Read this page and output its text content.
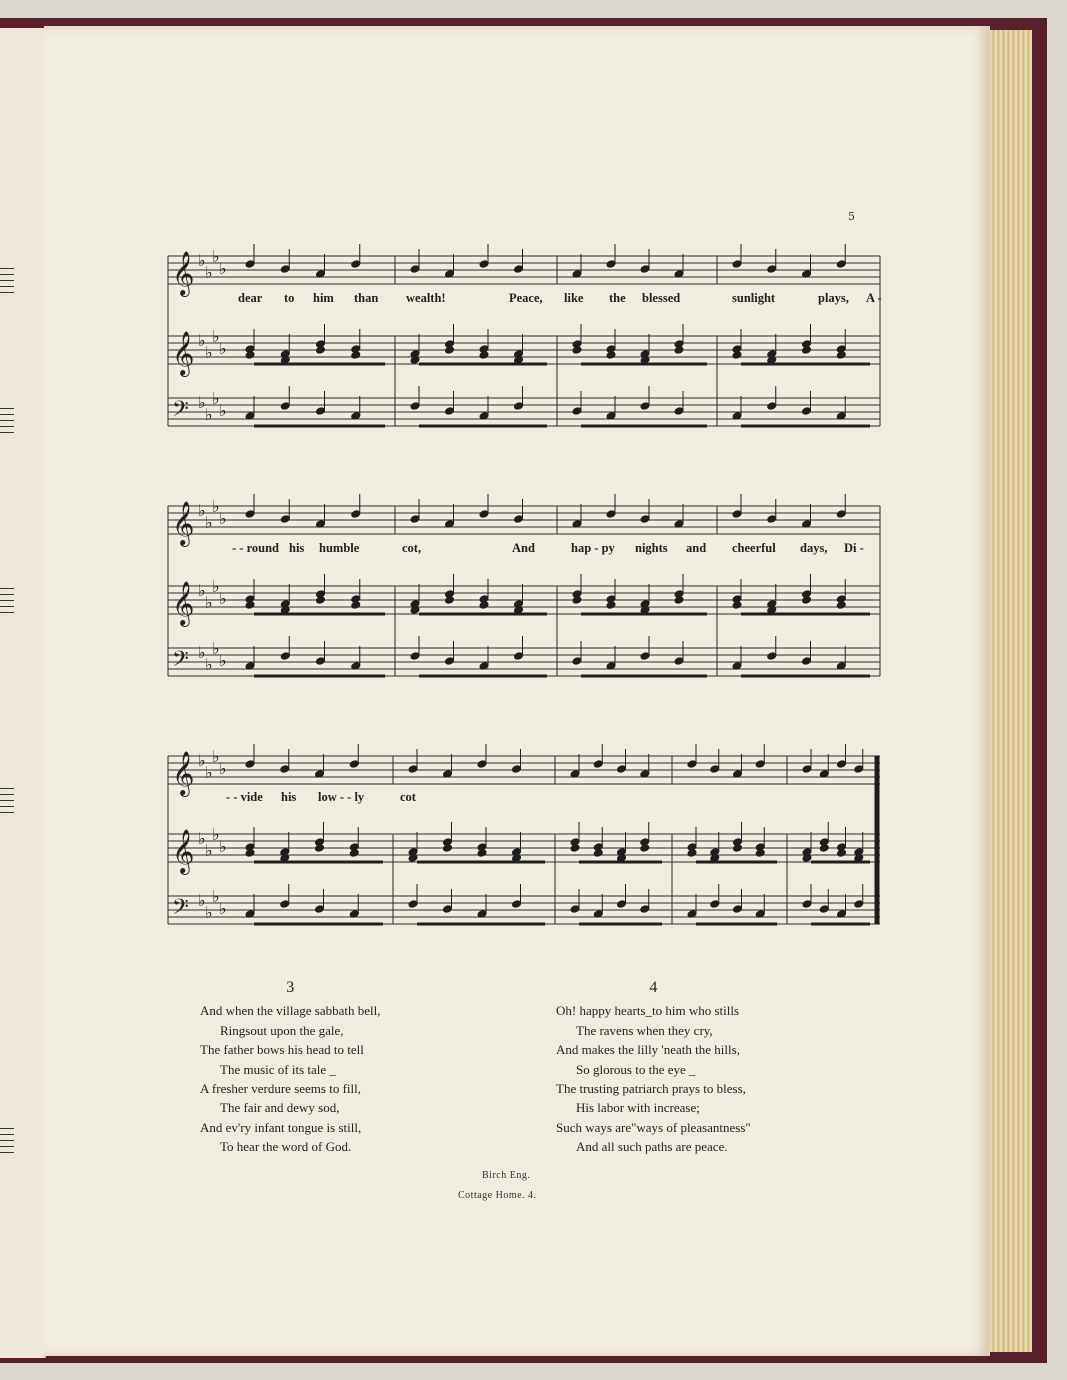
5
𝄞 ♭
♭
♭
♭
𝄞 ♭
♭
♭
♭
𝄢 ♭
♭
♭
♭
𝄞 ♭
♭
♭
♭
𝄞 ♭
♭
♭
♭
𝄢 ♭
♭
♭
♭
𝄞 ♭
♭
♭
♭
𝄞 ♭
♭
♭
♭
𝄢 ♭
♭
♭
♭
dear to him than wealth!	Peace, like the blessed	sunlight	plays, A -
- - round his humble	cot,	And	hap - py nights and cheerful days, Di -
- - vide his low - - ly	cot
3
And when the village sabbath bell,
Ringsout upon the gale,
The father bows his head to tell
The music of its tale _
A fresher verdure seems to fill,
The fair and dewy sod,
And ev'ry infant tongue is still,
To hear the word of God.
4
Oh! happy hearts_to him who stills
The ravens when they cry,
And makes the lilly 'neath the hills,
So glorous to the eye _
The trusting patriarch prays to bless,
His labor with increase;
Such ways are"ways of pleasantness"
And all such paths are peace.
Birch Eng.
Cottage Home. 4.
